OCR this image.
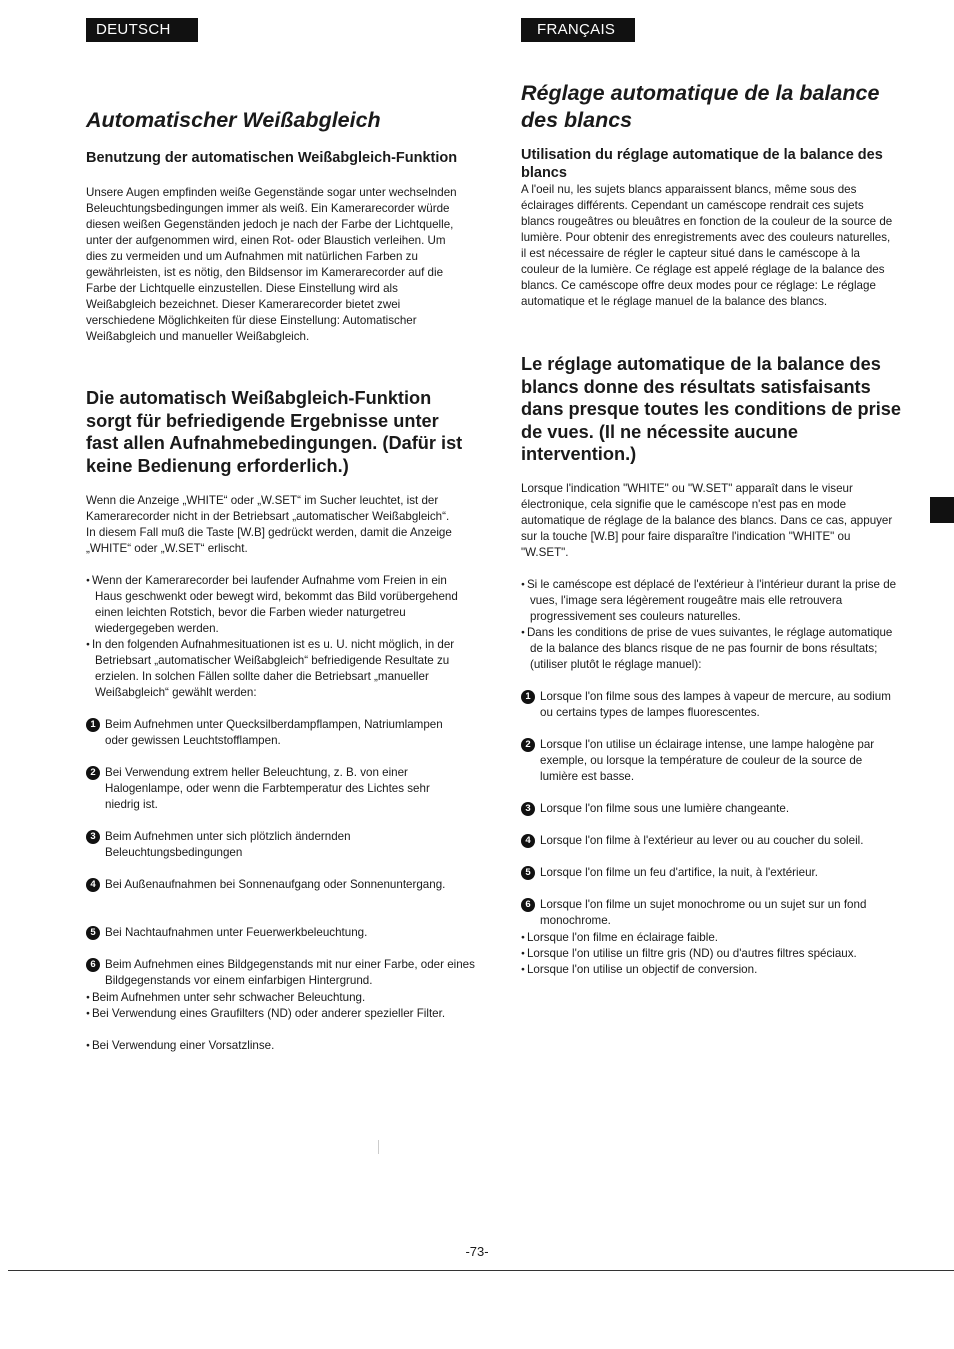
DEUTSCH	FRANÇAIS
Automatischer Weißabgleich
Benutzung der automatischen Weißabgleich-Funktion

Unsere Augen empfinden weiße Gegenstände sogar unter wechselnden Beleuchtungsbedingungen immer als weiß. Ein Kamerarecorder würde diesen weißen Gegenständen jedoch je nach der Farbe der Lichtquelle, unter der aufgenommen wird, einen Rot- oder Blaustich verleihen. Um dies zu vermeiden und um Aufnahmen mit natürlichen Farben zu gewährleisten, ist es nötig, den Bildsensor im Kamerarecorder auf die Farbe der Lichtquelle einzustellen. Diese Einstellung wird als Weißabgleich bezeichnet. Dieser Kamerarecorder bietet zwei verschiedene Möglichkeiten für diese Einstellung: Automatischer Weißabgleich und manueller Weißabgleich.

Die automatisch Weißabgleich-Funktion sorgt für befriedigende Ergebnisse unter fast allen Aufnahmebedingungen. (Dafür ist keine Bedienung erforderlich.)

Wenn die Anzeige „WHITE“ oder „W.SET“ im Sucher leuchtet, ist der Kamerarecorder nicht in der Betriebsart „automatischer Weißabgleich“. In diesem Fall muß die Taste [W.B] gedrückt werden, damit die Anzeige „WHITE“ oder „W.SET“ erlischt.

● Wenn der Kamerarecorder bei laufender Aufnahme vom Freien in ein Haus geschwenkt oder bewegt wird, bekommt das Bild vorübergehend einen leichten Rotstich, bevor die Farben wieder naturgetreu wiedergegeben werden.

● In den folgenden Aufnahmesituationen ist es u. U. nicht möglich, in der Betriebsart „automatischer Weißabgleich“ befriedigende Resultate zu erzielen. In solchen Fällen sollte daher die Betriebsart „manueller Weißabgleich“ gewählt werden:

1 Beim Aufnehmen unter Quecksilberdampflampen, Natriumlampen oder gewissen Leuchtstofflampen.
2 Bei Verwendung extrem heller Beleuchtung, z. B. von einer Halogenlampe, oder wenn die Farbtemperatur des Lichtes sehr niedrig ist.
3 Beim Aufnehmen unter sich plötzlich ändernden Beleuchtungsbedingungen
4 Bei Außenaufnahmen bei Sonnenaufgang oder Sonnenuntergang.
5 Bei Nachtaufnahmen unter Feuerwerkbeleuchtung.
6 Beim Aufnehmen eines Bildgegenstands mit nur einer Farbe, oder eines Bildgegenstands vor einem einfarbigen Hintergrund.

● Beim Aufnehmen unter sehr schwacher Beleuchtung.

● Bei Verwendung eines Graufilters (ND) oder anderer spezieller Filter.

● Bei Verwendung einer Vorsatzlinse.

Réglage automatique de la balance des blancs
Utilisation du réglage automatique de la balance des blancs

A l'oeil nu, les sujets blancs apparaissent blancs, même sous des éclairages différents. Cependant un caméscope rendrait ces sujets blancs rougeâtres ou bleuâtres en fonction de la couleur de la source de lumière. Pour obtenir des enregistrements avec des couleurs naturelles, il est nécessaire de régler le capteur situé dans le caméscope à la couleur de la lumière. Ce réglage est appelé réglage de la balance des blancs. Ce caméscope offre deux modes pour ce réglage: Le réglage automatique et le réglage manuel de la balance des blancs.

Le réglage automatique de la balance des blancs donne des résultats satisfaisants dans presque toutes les conditions de prise de vues. (Il ne nécessite aucune intervention.)

Lorsque l'indication "WHITE" ou "W.SET" apparaît dans le viseur électronique, cela signifie que le caméscope n'est pas en mode automatique de réglage de la balance des blancs. Dans ce cas, appuyer sur la touche [W.B] pour faire disparaître l'indication "WHITE" ou "W.SET".

● Si le caméscope est déplacé de l'extérieur à l'intérieur durant la prise de vues, l'image sera légèrement rougeâtre mais elle retrouvera progressivement ses couleurs naturelles.

● Dans les conditions de prise de vues suivantes, le réglage automatique de la balance des blancs risque de ne pas fournir de bons résultats; (utiliser plutôt le réglage manuel):

1 Lorsque l'on filme sous des lampes à vapeur de mercure, au sodium ou certains types de lampes fluorescentes.
2 Lorsque l'on utilise un éclairage intense, une lampe halogène par exemple, ou lorsque la température de couleur de la source de lumière est basse.
3 Lorsque l'on filme sous une lumière changeante.
4 Lorsque l'on filme à l'extérieur au lever ou au coucher du soleil.
5 Lorsque l'on filme un feu d'artifice, la nuit, à l'extérieur.
6 Lorsque l'on filme un sujet monochrome ou un sujet sur un fond monochrome.

● Lorsque l'on filme en éclairage faible.

● Lorsque l'on utilise un filtre gris (ND) ou d'autres filtres spéciaux.

● Lorsque l'on utilise un objectif de conversion.

-73-
